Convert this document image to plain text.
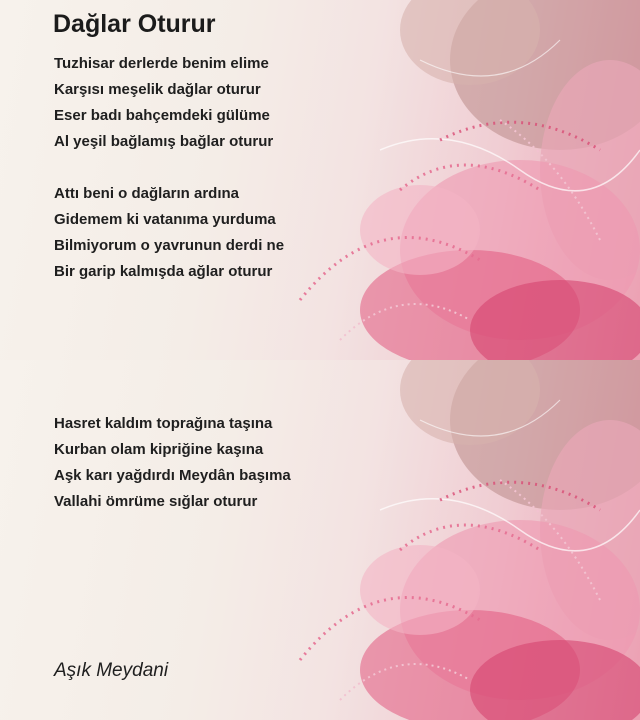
Dağlar Oturur
Tuzhisar derlerde benim elime
Karşısı meşelik dağlar oturur
Eser badı bahçemdeki gülüme
Al yeşil bağlamış bağlar oturur
Attı beni o dağların ardına
Gidemem ki vatanıma yurduma
Bilmiyorum o yavrunun derdi ne
Bir garip kalmışda ağlar oturur
Hasret kaldım toprağına taşına
Kurban olam kipriğine kaşına
Aşk karı yağdırdı Meydân başıma
Vallahi ömrüme sığlar oturur
Aşık Meydani
